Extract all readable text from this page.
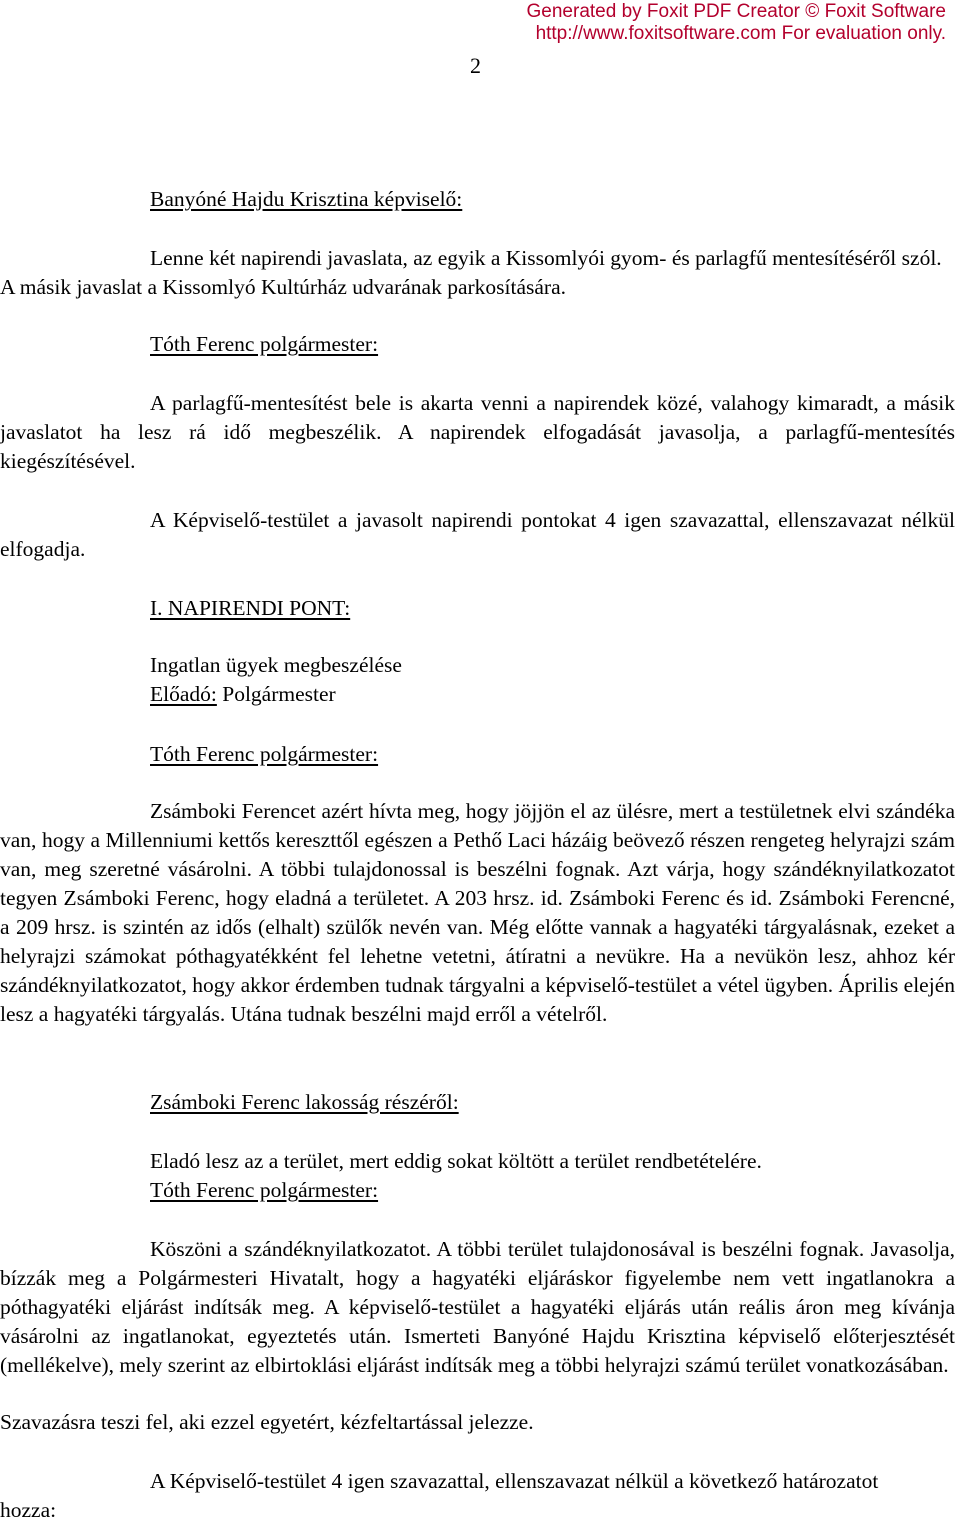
Generated by Foxit PDF Creator © Foxit Software
http://www.foxitsoftware.com For evaluation only.
2
Banyóné Hajdu Krisztina képviselő:

Lenne két napirendi javaslata, az egyik a Kissomlyói gyom- és parlagfű mentesítéséről szól. A másik javaslat a Kissomlyó Kultúrház udvarának parkosítására.

Tóth Ferenc polgármester:

A parlagfű-mentesítést bele is akarta venni a napirendek közé, valahogy kimaradt, a másik javaslatot ha lesz rá idő megbeszélik. A napirendek elfogadását javasolja, a parlagfű-mentesítés kiegészítésével.

A Képviselő-testület a javasolt napirendi pontokat 4 igen szavazattal, ellenszavazat nélkül elfogadja.

I. NAPIRENDI PONT:
Ingatlan ügyek megbeszélése
Előadó: Polgármester
Tóth Ferenc polgármester:

Zsámboki Ferencet azért hívta meg, hogy jöjjön el az ülésre, mert a testületnek elvi szándéka van, hogy a Millenniumi kettős kereszttől egészen a Pethő Laci házáig beövező részen rengeteg helyrajzi szám van, meg szeretné vásárolni. A többi tulajdonossal is beszélni fognak. Azt várja, hogy szándéknyilatkozatot tegyen Zsámboki Ferenc, hogy eladná a területet. A 203 hrsz. id. Zsámboki Ferenc és id. Zsámboki Ferencné, a 209 hrsz. is szintén az idős (elhalt) szülők nevén van. Még előtte vannak a hagyatéki tárgyalásnak, ezeket a helyrajzi számokat póthagyatékként fel lehetne vetetni, átíratni a nevükre. Ha a nevükön lesz, ahhoz kér szándéknyilatkozatot, hogy akkor érdemben tudnak tárgyalni a képviselő-testület a vétel ügyben. Április elején lesz a hagyatéki tárgyalás. Utána tudnak beszélni majd erről a vételről.

Zsámboki Ferenc lakosság részéről:

Eladó lesz az a terület, mert eddig sokat költött a terület rendbetételére.

Tóth Ferenc polgármester:

Köszöni a szándéknyilatkozatot. A többi terület tulajdonosával is beszélni fognak. Javasolja, bízzák meg a Polgármesteri Hivatalt, hogy a hagyatéki eljáráskor figyelembe nem vett ingatlanokra a póthagyatéki eljárást indítsák meg. A képviselő-testület a hagyatéki eljárás után reális áron meg kívánja vásárolni az ingatlanokat, egyeztetés után. Ismerteti Banyóné Hajdu Krisztina képviselő előterjesztését (mellékelve), mely szerint az elbirtoklási eljárást indítsák meg a többi helyrajzi számú terület vonatkozásában.

Szavazásra teszi fel, aki ezzel egyetért, kézfeltartással jelezze.

A Képviselő-testület 4 igen szavazattal, ellenszavazat nélkül a következő határozatot hozza:
